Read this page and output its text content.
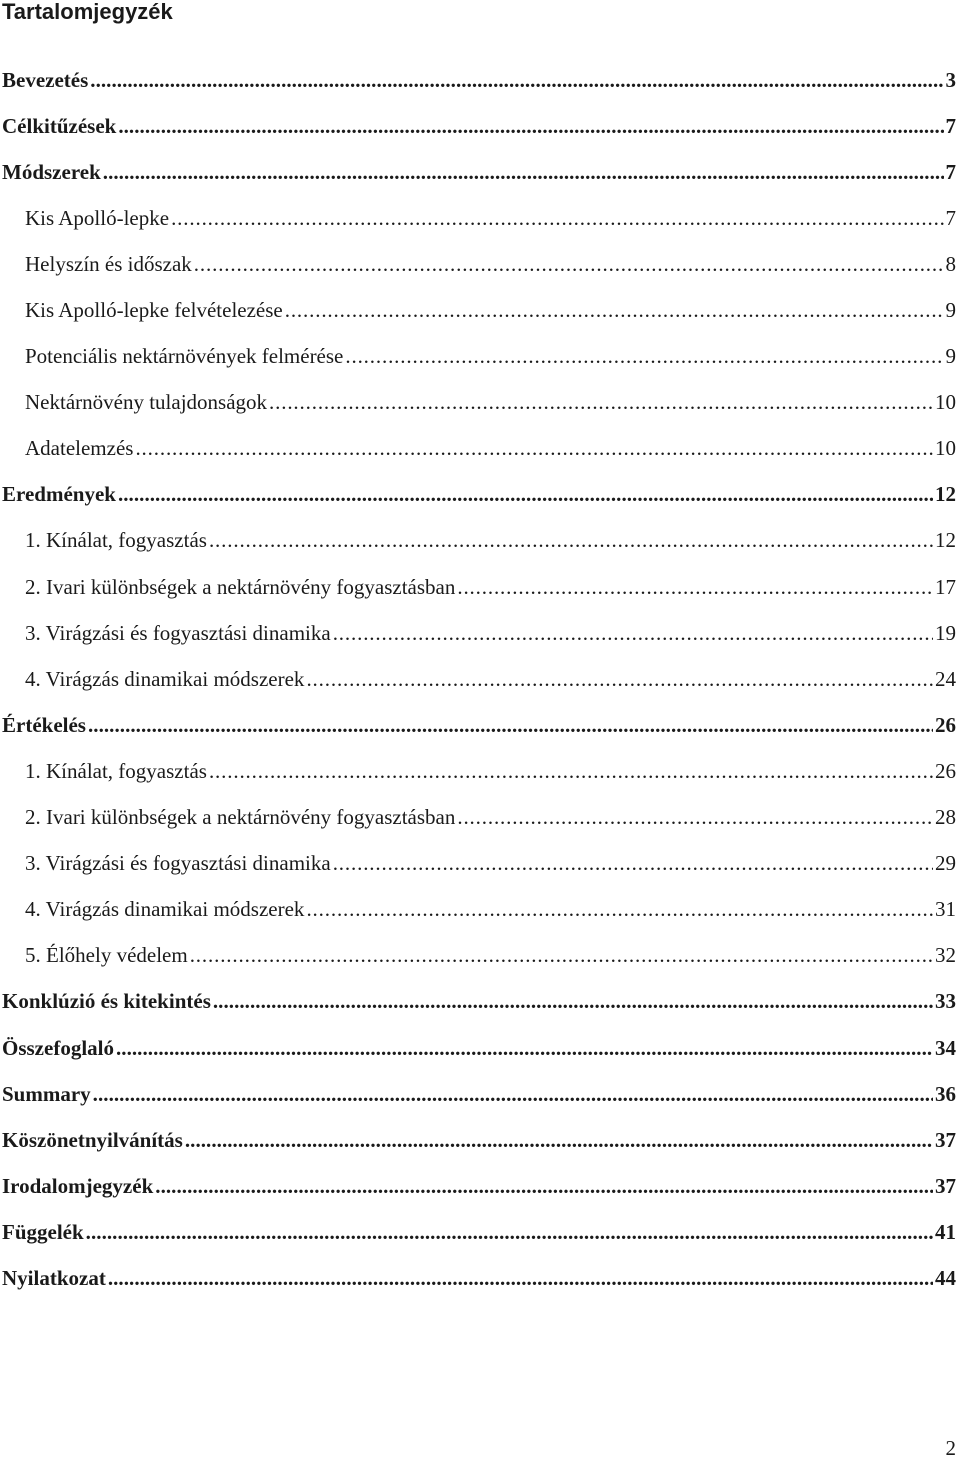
Tartalomjegyzék
Bevezetés . . .	3
Célkitűzések . . .	7
Módszerek . . .	7
Kis Apolló-lepke . . .	7
Helyszín és időszak . . .	8
Kis Apolló-lepke felvételezése . . .	9
Potenciális nektárnövények felmérése . . .	9
Nektárnövény tulajdonságok . . .	10
Adatelemzés . . .	10
Eredmények . . .	12
1. Kínálat, fogyasztás . . .	12
2. Ivari különbségek a nektárnövény fogyasztásban . . .	17
3. Virágzási és fogyasztási dinamika . . .	19
4. Virágzás dinamikai módszerek . . .	24
Értékelés . . .	26
1. Kínálat, fogyasztás . . .	26
2. Ivari különbségek a nektárnövény fogyasztásban . . .	28
3. Virágzási és fogyasztási dinamika . . .	29
4. Virágzás dinamikai módszerek . . .	31
5. Élőhely védelem . . .	32
Konklúzió és kitekintés . . .	33
Összefoglaló . . .	34
Summary . . .	36
Köszönetnyilvánítás . . .	37
Irodalomjegyzék . . .	37
Függelék . . .	41
Nyilatkozat . . .	44
2
